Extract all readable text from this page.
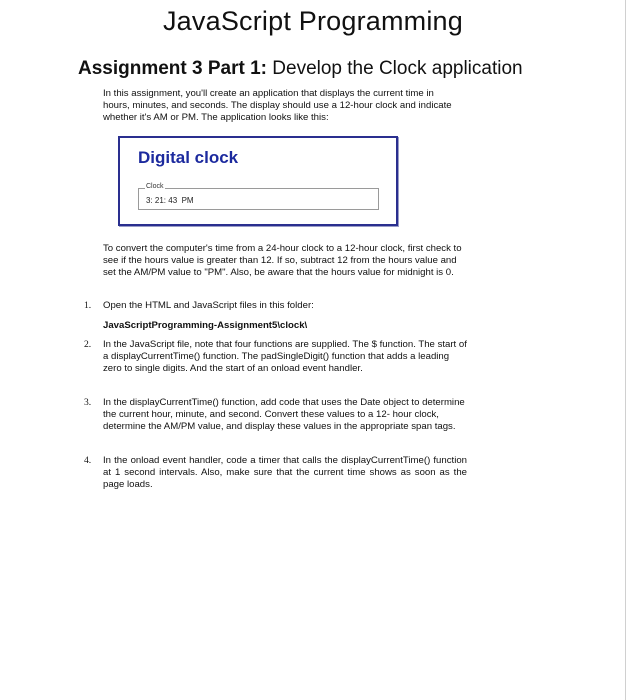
JavaScript Programming
Assignment 3 Part 1: Develop the Clock application
In this assignment, you'll create an application that displays the current time in hours, minutes, and seconds. The display should use a 12-hour clock and indicate whether it's AM or PM. The application looks like this:
Digital clock
Clock
3: 21: 43  PM
To convert the computer's time from a 24-hour clock to a 12-hour clock, first check to see if the hours value is greater than 12. If so, subtract 12 from the hours value and set the AM/PM value to "PM". Also, be aware that the hours value for midnight is 0.
1. Open the HTML and JavaScript files in this folder:
JavaScriptProgramming-Assignment5\clock\
2. In the JavaScript file, note that four functions are supplied. The $ function. The start of a displayCurrentTime() function. The padSingleDigit() function that adds a leading zero to single digits. And the start of an onload event handler.
3. In the displayCurrentTime() function, add code that uses the Date object to determine the current hour, minute, and second. Convert these values to a 12- hour clock, determine the AM/PM value, and display these values in the appropriate span tags.
4. In the onload event handler, code a timer that calls the displayCurrentTime() function at 1 second intervals. Also, make sure that the current time shows as soon as the page loads.
